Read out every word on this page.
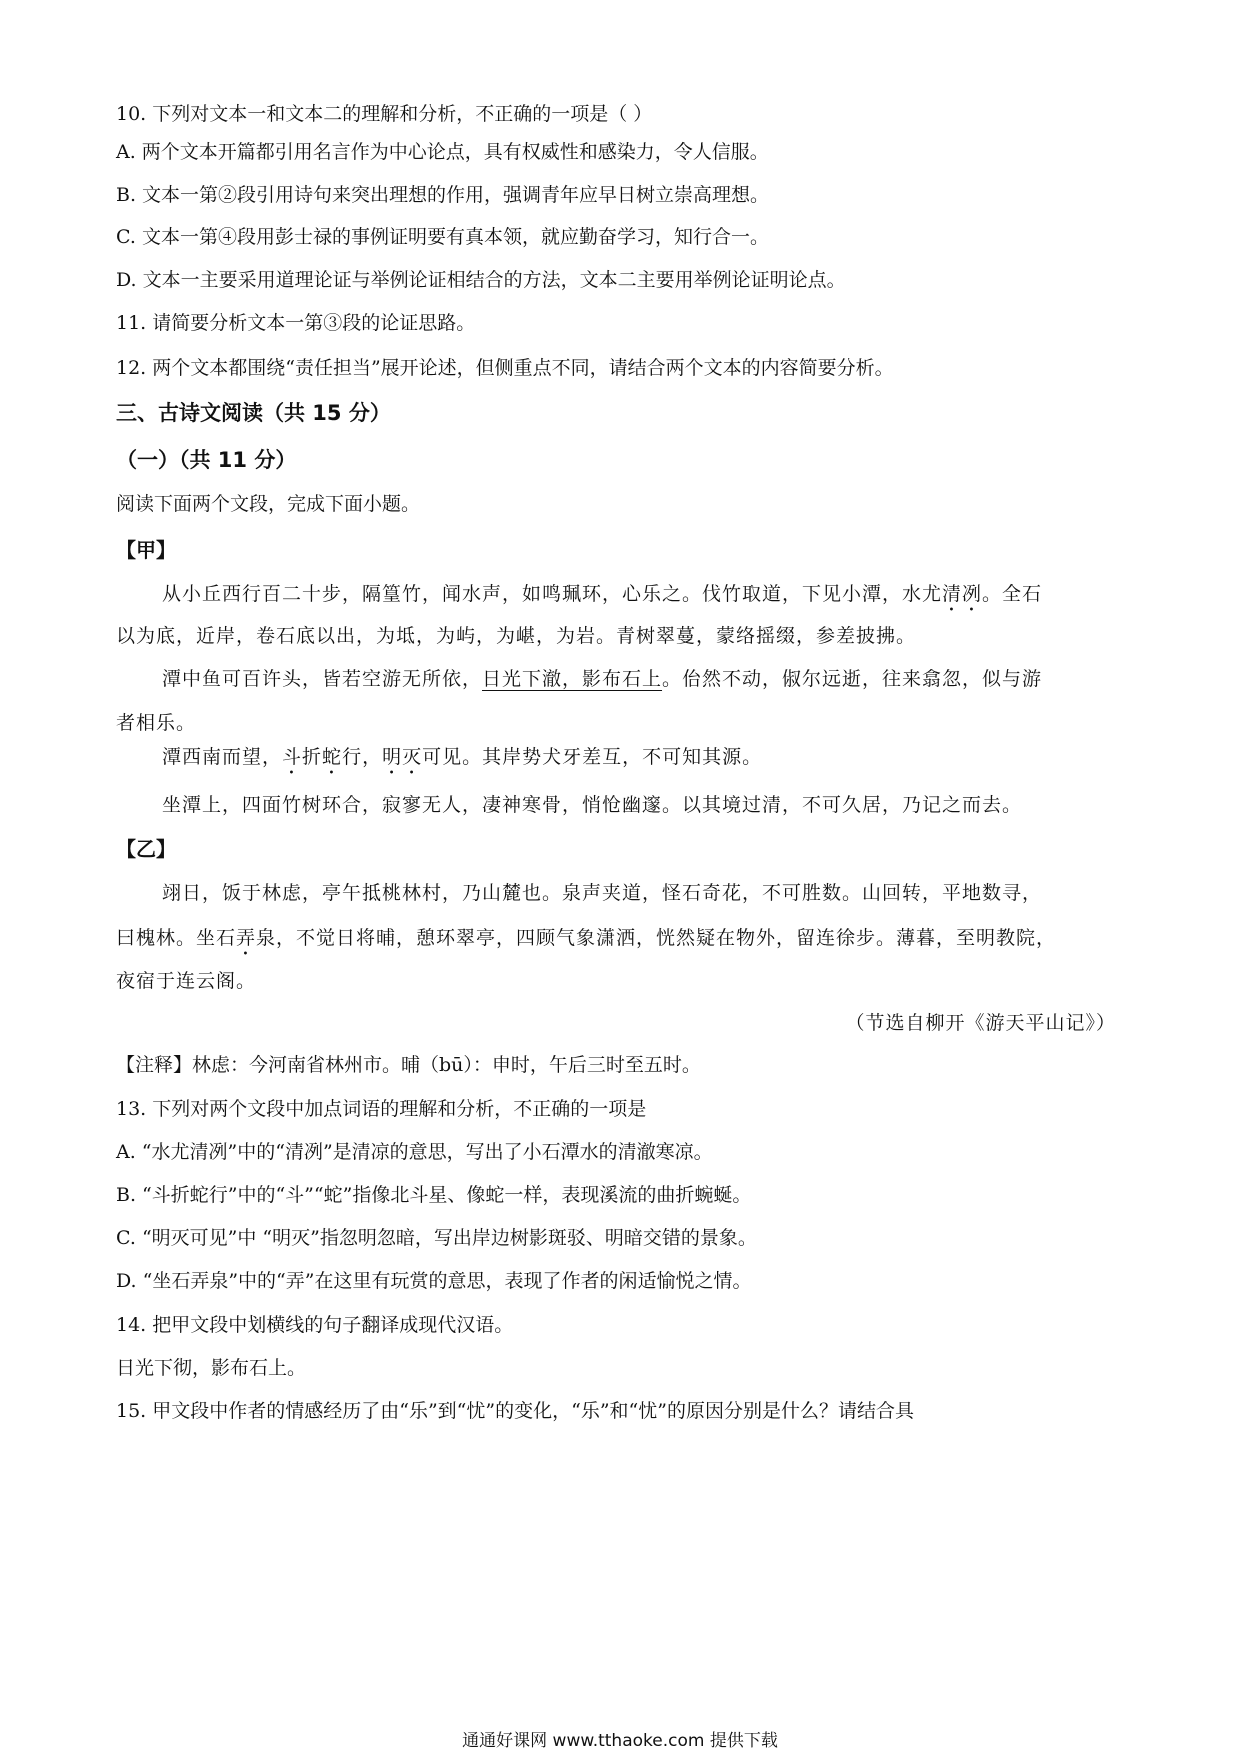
10. 下列对文本一和文本二的理解和分析，不正确的一项是（ ）
A. 两个文本开篇都引用名言作为中心论点，具有权威性和感染力，令人信服。
B. 文本一第②段引用诗句来突出理想的作用，强调青年应早日树立崇高理想。
C. 文本一第④段用彭士禄的事例证明要有真本领，就应勤奋学习，知行合一。
D. 文本一主要采用道理论证与举例论证相结合的方法，文本二主要用举例论证明论点。
11. 请简要分析文本一第③段的论证思路。
12. 两个文本都围绕“责任担当”展开论述，但侧重点不同，请结合两个文本的内容简要分析。
三、古诗文阅读（共 15 分）
（一）（共 11 分）
阅读下面两个文段，完成下面小题。
【甲】
从小丘西行百二十步，隔篁竹，闻水声，如鸣珮环，心乐之。伐竹取道，下见小潭，水尤清冽。全石
以为底，近岸，卷石底以出，为坻，为屿，为嵁，为岩。青树翠蔓，蒙络摇缀，参差披拂。
潭中鱼可百许头，皆若空游无所依，日光下澈，影布石上。佁然不动，俶尔远逝，往来翕忽，似与游
者相乐。
潭西南而望，斗折蛇行，明灭可见。其岸势犬牙差互，不可知其源。
坐潭上，四面竹树环合，寂寥无人，凄神寒骨，悄怆幽邃。以其境过清，不可久居，乃记之而去。
【乙】
翊日，饭于林虑，亭午抵桃林村，乃山麓也。泉声夹道，怪石奇花，不可胜数。山回转，平地数寻，
曰槐林。坐石弄泉，不觉日将晡，憩环翠亭，四顾气象潇洒，恍然疑在物外，留连徐步。薄暮，至明教院，
夜宿于连云阁。
（节选自柳开《游天平山记》）
【注释】林虑：今河南省林州市。晡（bū）：申时，午后三时至五时。
13. 下列对两个文段中加点词语的理解和分析，不正确的一项是
A. “水尤清冽”中的“清冽”是清凉的意思，写出了小石潭水的清澈寒凉。
B. “斗折蛇行”中的“斗”“蛇”指像北斗星、像蛇一样，表现溪流的曲折蜿蜒。
C. “明灭可见”中 “明灭”指忽明忽暗，写出岸边树影斑驳、明暗交错的景象。
D. “坐石弄泉”中的“弄”在这里有玩赏的意思，表现了作者的闲适愉悦之情。
14. 把甲文段中划横线的句子翻译成现代汉语。
日光下彻，影布石上。
15. 甲文段中作者的情感经历了由“乐”到“忧”的变化，“乐”和“忧”的原因分别是什么？请结合具
通通好课网 www.tthaoke.com 提供下载
